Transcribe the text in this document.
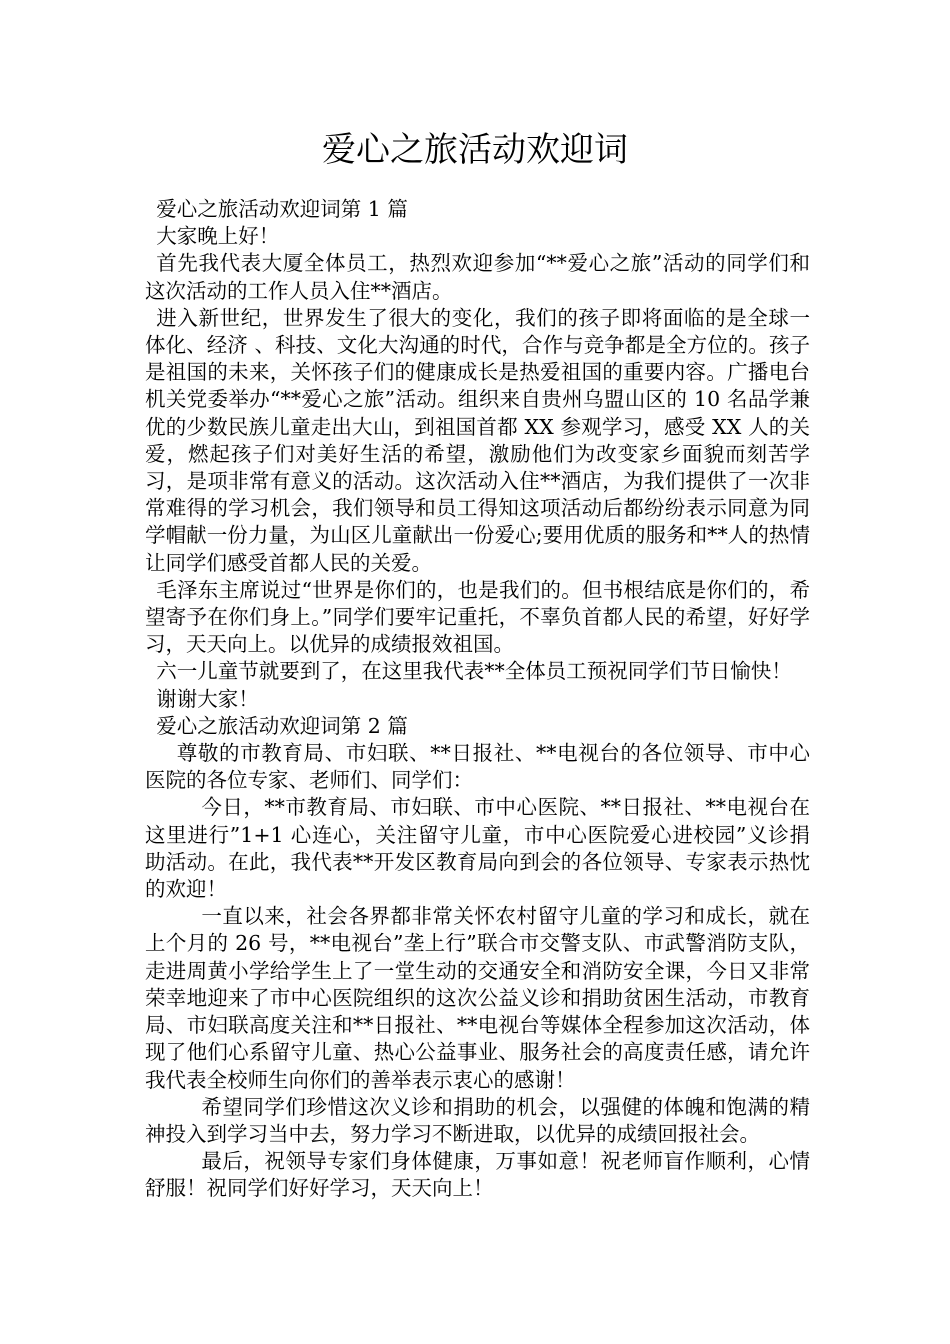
爱心之旅活动欢迎词

爱心之旅活动欢迎词第 1 篇

大家晚上好！

首先我代表大厦全体员工，热烈欢迎参加“**爱心之旅”活动的同学们和这次活动的工作人员入住**酒店。

进入新世纪，世界发生了很大的变化，我们的孩子即将面临的是全球一体化、经济 、科技、文化大沟通的时代，合作与竞争都是全方位的。孩子是祖国的未来，关怀孩子们的健康成长是热爱祖国的重要内容。广播电台机关党委举办“**爱心之旅”活动。组织来自贵州乌盟山区的 10 名品学兼优的少数民族儿童走出大山，到祖国首都 XX 参观学习，感受 XX 人的关爱，燃起孩子们对美好生活的希望，激励他们为改变家乡面貌而刻苦学习，是项非常有意义的活动。这次活动入住**酒店，为我们提供了一次非常难得的学习机会，我们领导和员工得知这项活动后都纷纷表示同意为同学帽献一份力量，为山区儿童献出一份爱心;要用优质的服务和**人的热情让同学们感受首都人民的关爱。

毛泽东主席说过“世界是你们的，也是我们的。但书根结底是你们的，希望寄予在你们身上。”同学们要牢记重托，不辜负首都人民的希望，好好学习，天天向上。以优异的成绩报效祖国。

六一儿童节就要到了，在这里我代表**全体员工预祝同学们节日愉快！

谢谢大家！

爱心之旅活动欢迎词第 2 篇

尊敬的市教育局、市妇联、**日报社、**电视台的各位领导、市中心医院的各位专家、老师们、同学们：

今日，**市教育局、市妇联、市中心医院、**日报社、**电视台在这里进行”1+1 心连心，关注留守儿童，市中心医院爱心进校园”义诊捐助活动。在此，我代表**开发区教育局向到会的各位领导、专家表示热忱的欢迎！

一直以来，社会各界都非常关怀农村留守儿童的学习和成长，就在上个月的 26 号，**电视台”垄上行”联合市交警支队、市武警消防支队，走进周黄小学给学生上了一堂生动的交通安全和消防安全课，今日又非常荣幸地迎来了市中心医院组织的这次公益义诊和捐助贫困生活动，市教育局、市妇联高度关注和**日报社、**电视台等媒体全程参加这次活动，体现了他们心系留守儿童、热心公益事业、服务社会的高度责任感，请允许我代表全校师生向你们的善举表示衷心的感谢！

希望同学们珍惜这次义诊和捐助的机会，以强健的体魄和饱满的精神投入到学习当中去，努力学习不断进取，以优异的成绩回报社会。

最后，祝领导专家们身体健康，万事如意！祝老师盲作顺利，心情舒服！祝同学们好好学习，天天向上！
